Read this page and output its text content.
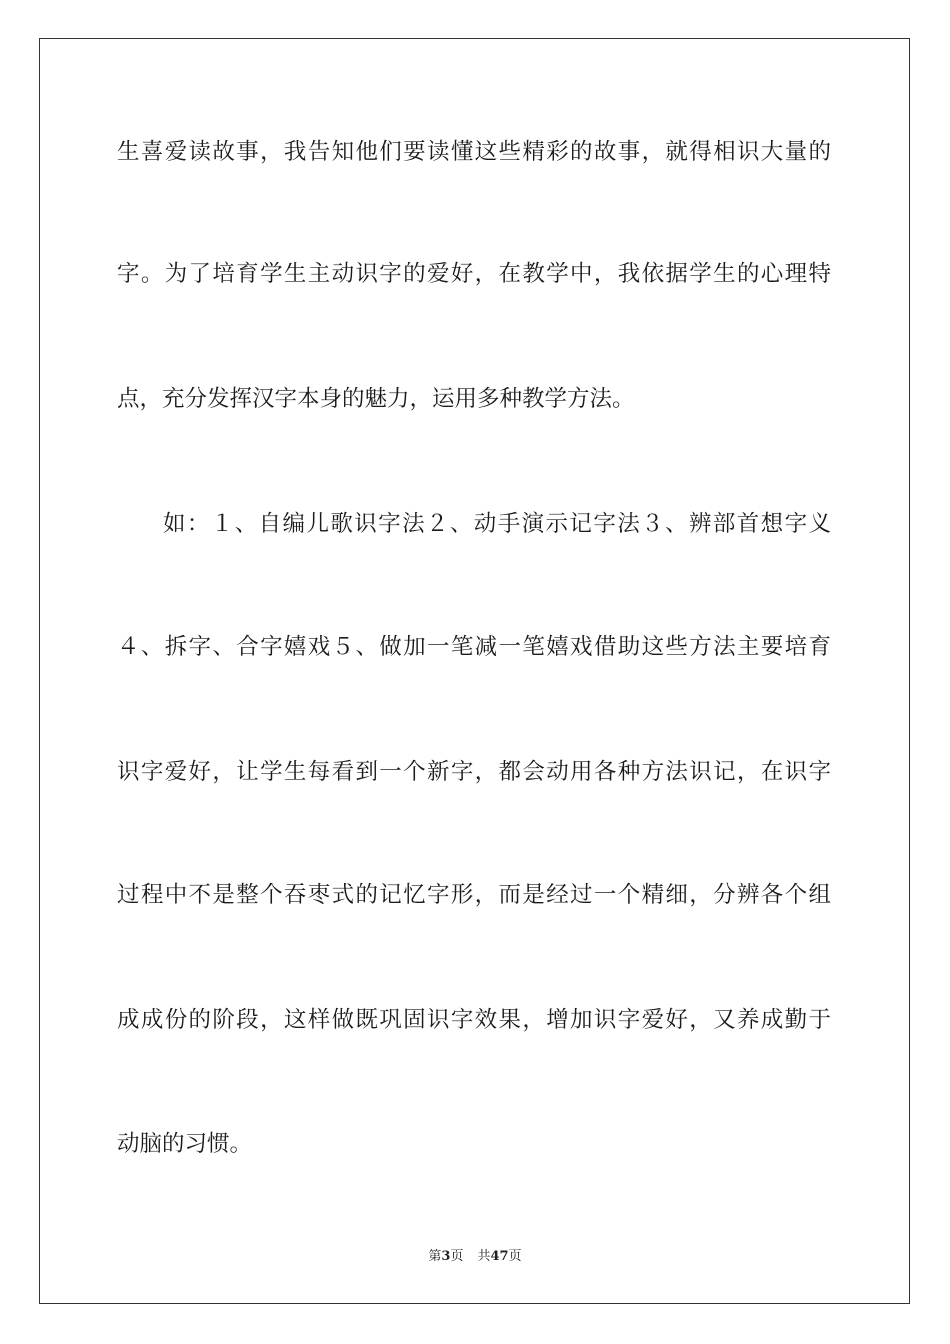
生喜爱读故事，我告知他们要读懂这些精彩的故事，就得相识大量的
字。为了培育学生主动识字的爱好，在教学中，我依据学生的心理特
点，充分发挥汉字本身的魅力，运用多种教学方法。
如：１、自编儿歌识字法２、动手演示记字法３、辨部首想字义
４、拆字、合字嬉戏５、做加一笔减一笔嬉戏借助这些方法主要培育
识字爱好，让学生每看到一个新字，都会动用各种方法识记，在识字
过程中不是整个吞枣式的记忆字形，而是经过一个精细，分辨各个组
成成份的阶段，这样做既巩固识字效果，增加识字爱好，又养成勤于
动脑的习惯。
第3页 共47页
